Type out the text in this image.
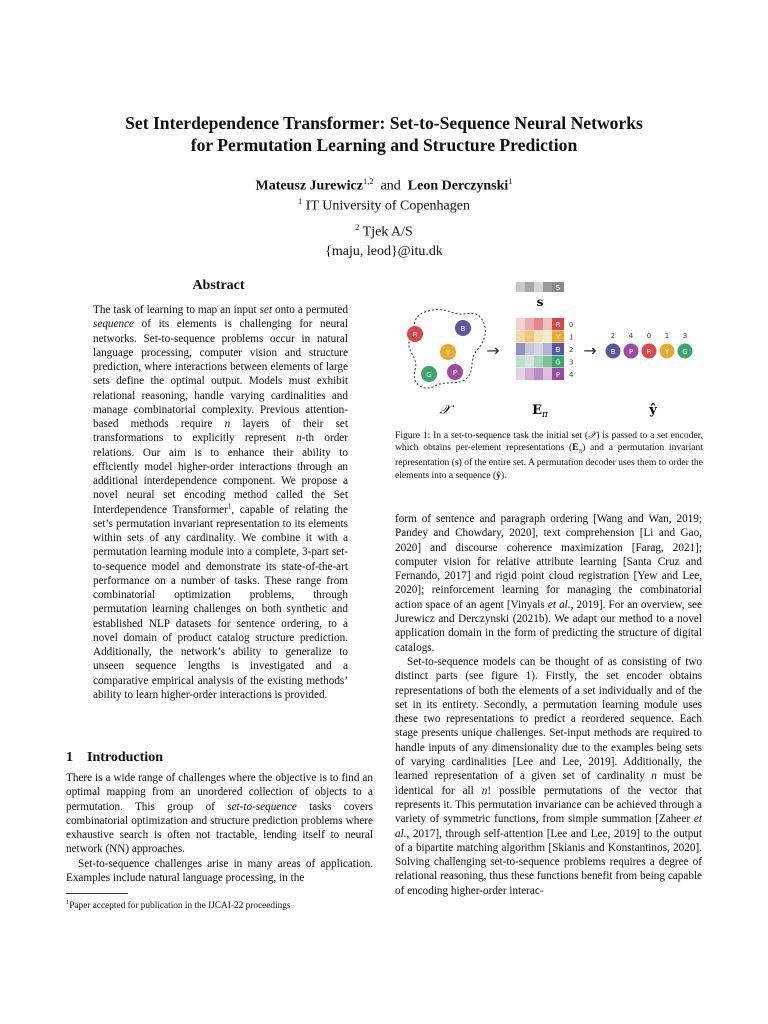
Set Interdependence Transformer: Set-to-Sequence Neural Networks
for Permutation Learning and Structure Prediction
Mateusz Jurewicz$^{1,2}$ and Leon Derczynski$^1$
$^1$ IT University of Copenhagen
$^2$ Tjek A/S
{maju, leod}@itu.dk
Abstract

The task of learning to map an input set onto a permuted sequence of its elements is challenging for neural networks. Set-to-sequence problems occur in natural language processing, computer vision and structure prediction, where interactions between elements of large sets define the optimal output. Models must exhibit relational reasoning, handle varying cardinalities and manage combinatorial complexity. Previous attention-based methods require n layers of their set transformations to explicitly represent n-th order relations. Our aim is to enhance their ability to efficiently model higher-order interactions through an additional interdependence component. We propose a novel neural set encoding method called the Set Interdependence Transformer$^1$, capable of relating the set’s permutation invariant representation to its elements within sets of any cardinality. We combine it with a permutation learning module into a complete, 3-part set-to-sequence model and demonstrate its state-of-the-art performance on a number of tasks. These range from combinatorial optimization problems, through permutation learning challenges on both synthetic and established NLP datasets for sentence ordering, to a novel domain of product catalog structure prediction. Additionally, the network’s ability to generalize to unseen sequence lengths is investigated and a comparative empirical analysis of the existing methods’ ability to learn higher-order interactions is provided.

1 Introduction

There is a wide range of challenges where the objective is to find an optimal mapping from an unordered collection of objects to a permutation. This group of set-to-sequence tasks covers combinatorial optimization and structure prediction problems where exhaustive search is often not tractable, lending itself to neural network (NN) approaches.

Set-to-sequence challenges arise in many areas of application. Examples include natural language processing, in the

$^1$Paper accepted for publication in the IJCAI-22 proceedings
R
B
Y
G	P
𝒳
→
S
s
R 0
Y 1
B 2
G 3
P 4
$E_\pi$
→ B
2
P
4
R
0
Y
1
G
3
ŷ

Figure 1: In a set-to-sequence task the initial set (𝒳) is passed to a set encoder, which obtains per-element representations $(E_\pi)$ and a permutation invariant representation (s) of the entire set. A permutation decoder uses them to order the elements into a sequence (ŷ).

form of sentence and paragraph ordering [Wang and Wan, 2019; Pandey and Chowdary, 2020], text comprehension [Li and Gao, 2020] and discourse coherence maximization [Farag, 2021]; computer vision for relative attribute learning [Santa Cruz and Fernando, 2017] and rigid point cloud registration [Yew and Lee, 2020]; reinforcement learning for managing the combinatorial action space of an agent [Vinyals et al., 2019]. For an overview, see Jurewicz and Derczynski (2021b). We adapt our method to a novel application domain in the form of predicting the structure of digital catalogs.

Set-to-sequence models can be thought of as consisting of two distinct parts (see figure 1). Firstly, the set encoder obtains representations of both the elements of a set individually and of the set in its entirety. Secondly, a permutation learning module uses these two representations to predict a reordered sequence. Each stage presents unique challenges. Set-input methods are required to handle inputs of any dimensionality due to the examples being sets of varying cardinalities [Lee and Lee, 2019]. Additionally, the learned representation of a given set of cardinality n must be identical for all n! possible permutations of the vector that represents it. This permutation invariance can be achieved through a variety of symmetric functions, from simple summation [Zaheer et al., 2017], through self-attention [Lee and Lee, 2019] to the output of a bipartite matching algorithm [Skianis and Konstantinos, 2020]. Solving challenging set-to-sequence problems requires a degree of relational reasoning, thus these functions benefit from being capable of encoding higher-order interac-
